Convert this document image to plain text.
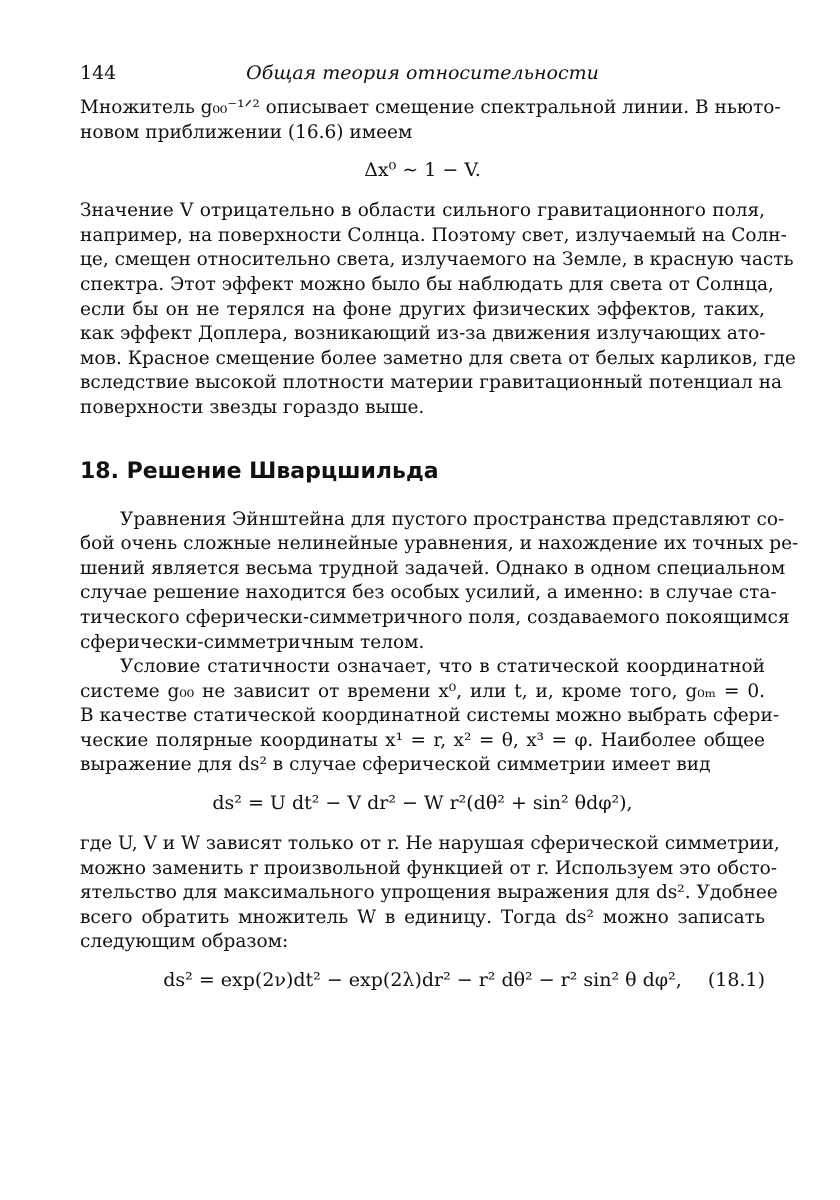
144	Общая теория относительности

Множитель g₀₀⁻¹ᐟ² описывает смещение спектральной линии. В ньюто-
новом приближении (16.6) имеем

Δx⁰ ∼ 1 − V.

Значение V отрицательно в области сильного гравитационного поля,
например, на поверхности Солнца. Поэтому свет, излучаемый на Солн-
це, смещен относительно света, излучаемого на Земле, в красную часть
спектра. Этот эффект можно было бы наблюдать для света от Солнца,
если бы он не терялся на фоне других физических эффектов, таких,
как эффект Доплера, возникающий из-за движения излучающих ато-
мов. Красное смещение более заметно для света от белых карликов, где
вследствие высокой плотности материи гравитационный потенциал на
поверхности звезды гораздо выше.

18. Решение Шварцшильда

Уравнения Эйнштейна для пустого пространства представляют со-
бой очень сложные нелинейные уравнения, и нахождение их точных ре-
шений является весьма трудной задачей. Однако в одном специальном
случае решение находится без особых усилий, а именно: в случае ста-
тического сферически-симметричного поля, создаваемого покоящимся
сферически-симметричным телом.

Условие статичности означает, что в статической координатной
системе g₀₀ не зависит от времени x⁰, или t, и, кроме того, g₀ₘ = 0.
В качестве статической координатной системы можно выбрать сфери-
ческие полярные координаты x¹ = r, x² = θ, x³ = φ. Наиболее общее
выражение для ds² в случае сферической симметрии имеет вид

ds² = U dt² − V dr² − W r²(dθ² + sin² θdφ²),

где U, V и W зависят только от r. Не нарушая сферической симметрии,
можно заменить r произвольной функцией от r. Используем это обсто-
ятельство для максимального упрощения выражения для ds². Удобнее
всего обратить множитель W в единицу. Тогда ds² можно записать
следующим образом:

ds² = exp(2ν)dt² − exp(2λ)dr² − r² dθ² − r² sin² θ dφ², (18.1)
